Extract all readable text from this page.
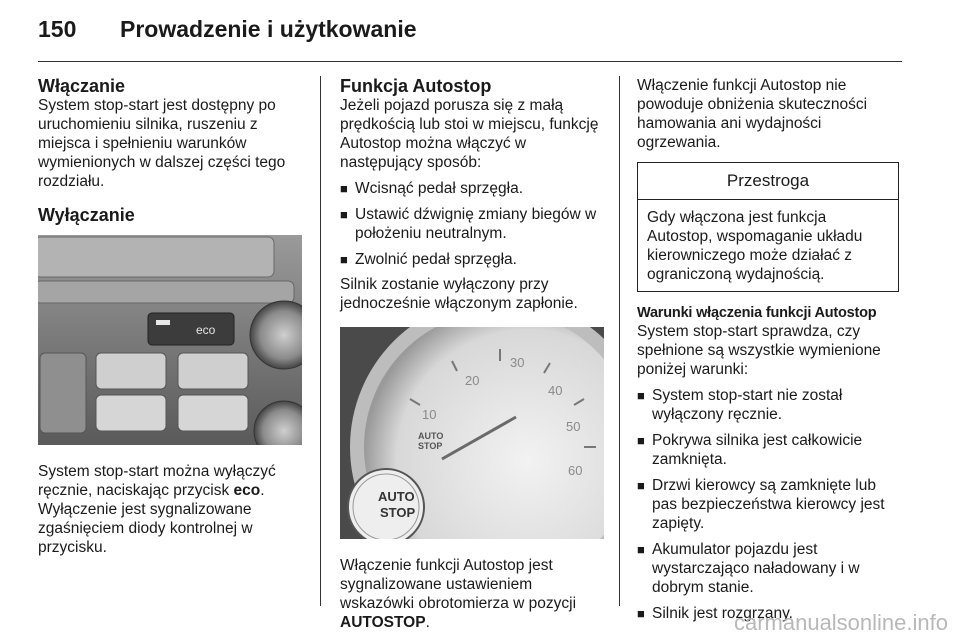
150 Prowadzenie i użytkowanie
Włączanie

System stop-start jest dostępny po uruchomieniu silnika, ruszeniu z miejsca i spełnieniu warunków wymienionych w dalszej części tego rozdziału.

Wyłączanie
eco

System stop-start można wyłączyć ręcznie, naciskając przycisk eco. Wyłączenie jest sygnalizowane zgaśnięciem diody kontrolnej w przycisku.

Funkcja Autostop

Jeżeli pojazd porusza się z małą prędkością lub stoi w miejscu, funkcję Autostop można włączyć w następujący sposób:

■ Wcisnąć pedał sprzęgła.
■ Ustawić dźwignię zmiany biegów w położeniu neutralnym.
■ Zwolnić pedał sprzęgła.

Silnik zostanie wyłączony przy jednocześnie włączonym zapłonie.

10
20
30
40
50
60
AUTO
STOP
AUTO
STOP

Włączenie funkcji Autostop jest sygnalizowane ustawieniem wskazówki obrotomierza w pozycji AUTOSTOP.

Włączenie funkcji Autostop nie powoduje obniżenia skuteczności hamowania ani wydajności ogrzewania.

Przestroga
Gdy włączona jest funkcja Autostop, wspomaganie układu kierowniczego może działać z ograniczoną wydajnością.
Warunki włączenia funkcji Autostop

System stop-start sprawdza, czy spełnione są wszystkie wymienione poniżej warunki:

■ System stop-start nie został wyłączony ręcznie.
■ Pokrywa silnika jest całkowicie zamknięta.
■ Drzwi kierowcy są zamknięte lub pas bezpieczeństwa kierowcy jest zapięty.
■ Akumulator pojazdu jest wystarczająco naładowany i w dobrym stanie.
■ Silnik jest rozgrzany.
carmanualsonline.info
